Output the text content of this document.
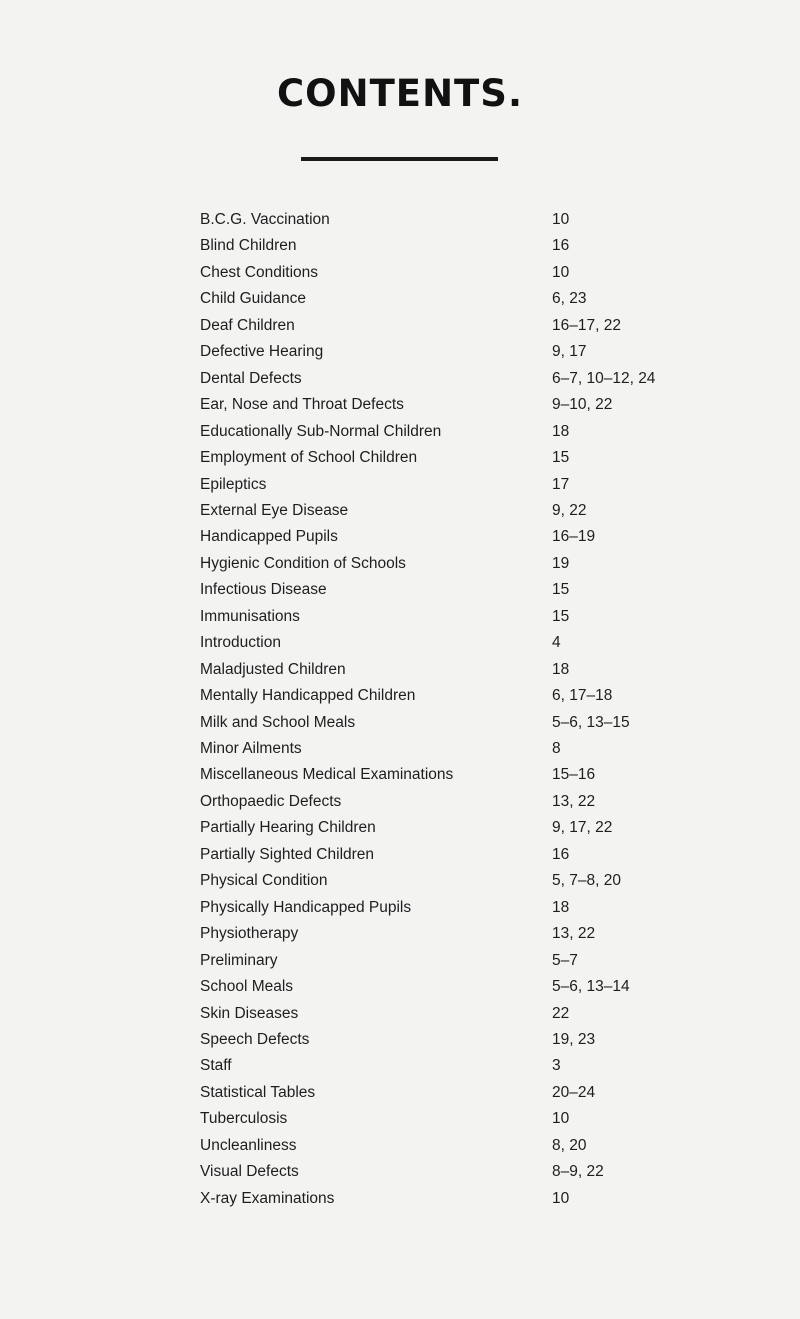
CONTENTS.
B.C.G. Vaccination	10
Blind Children	16
Chest Conditions	10
Child Guidance	6, 23
Deaf Children	16–17, 22
Defective Hearing	9, 17
Dental Defects	6–7, 10–12, 24
Ear, Nose and Throat Defects	9–10, 22
Educationally Sub-Normal Children	18
Employment of School Children	15
Epileptics	17
External Eye Disease	9, 22
Handicapped Pupils	16–19
Hygienic Condition of Schools	19
Infectious Disease	15
Immunisations	15
Introduction	4
Maladjusted Children	18
Mentally Handicapped Children	6, 17–18
Milk and School Meals	5–6, 13–15
Minor Ailments	8
Miscellaneous Medical Examinations	15–16
Orthopaedic Defects	13, 22
Partially Hearing Children	9, 17, 22
Partially Sighted Children	16
Physical Condition	5, 7–8, 20
Physically Handicapped Pupils	18
Physiotherapy	13, 22
Preliminary	5–7
School Meals	5–6, 13–14
Skin Diseases	22
Speech Defects	19, 23
Staff	3
Statistical Tables	20–24
Tuberculosis	10
Uncleanliness	8, 20
Visual Defects	8–9, 22
X-ray Examinations	10
